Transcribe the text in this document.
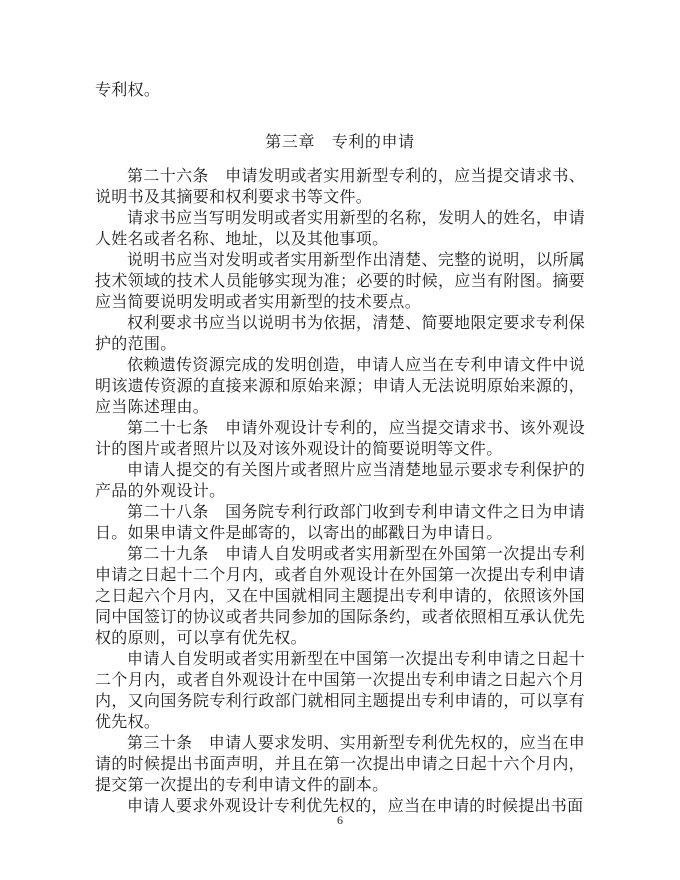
专利权。
第三章　专利的申请

第二十六条　申请发明或者实用新型专利的，应当提交请求书、说明书及其摘要和权利要求书等文件。

请求书应当写明发明或者实用新型的名称，发明人的姓名，申请人姓名或者名称、地址，以及其他事项。

说明书应当对发明或者实用新型作出清楚、完整的说明，以所属技术领域的技术人员能够实现为准；必要的时候，应当有附图。摘要应当简要说明发明或者实用新型的技术要点。

权利要求书应当以说明书为依据，清楚、简要地限定要求专利保护的范围。

依赖遗传资源完成的发明创造，申请人应当在专利申请文件中说明该遗传资源的直接来源和原始来源；申请人无法说明原始来源的，应当陈述理由。

第二十七条　申请外观设计专利的，应当提交请求书、该外观设计的图片或者照片以及对该外观设计的简要说明等文件。

申请人提交的有关图片或者照片应当清楚地显示要求专利保护的产品的外观设计。

第二十八条　国务院专利行政部门收到专利申请文件之日为申请日。如果申请文件是邮寄的，以寄出的邮戳日为申请日。

第二十九条　申请人自发明或者实用新型在外国第一次提出专利申请之日起十二个月内，或者自外观设计在外国第一次提出专利申请之日起六个月内，又在中国就相同主题提出专利申请的，依照该外国同中国签订的协议或者共同参加的国际条约，或者依照相互承认优先权的原则，可以享有优先权。

申请人自发明或者实用新型在中国第一次提出专利申请之日起十二个月内，或者自外观设计在中国第一次提出专利申请之日起六个月内，又向国务院专利行政部门就相同主题提出专利申请的，可以享有优先权。

第三十条　申请人要求发明、实用新型专利优先权的，应当在申请的时候提出书面声明，并且在第一次提出申请之日起十六个月内，提交第一次提出的专利申请文件的副本。

申请人要求外观设计专利优先权的，应当在申请的时候提出书面

6
